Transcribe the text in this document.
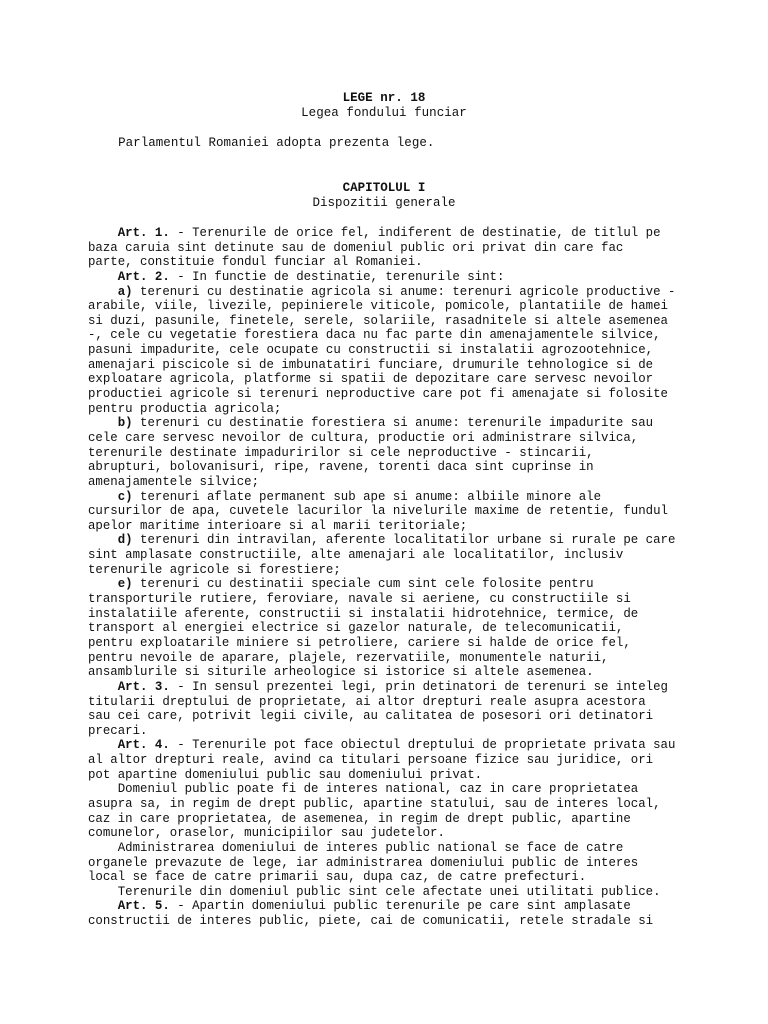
LEGE nr. 18
Legea fondului funciar
Parlamentul Romaniei adopta prezenta lege.
CAPITOLUL I
Dispozitii generale
Art. 1. - Terenurile de orice fel, indiferent de destinatie, de titlul pe
baza caruia sint detinute sau de domeniul public ori privat din care fac
parte, constituie fondul funciar al Romaniei.
Art. 2. - In functie de destinatie, terenurile sint:
a) terenuri cu destinatie agricola si anume: terenuri agricole productive -
arabile, viile, livezile, pepinierele viticole, pomicole, plantatiile de hamei
si duzi, pasunile, finetele, serele, solariile, rasadnitele si altele asemenea
-, cele cu vegetatie forestiera daca nu fac parte din amenajamentele silvice,
pasuni impadurite, cele ocupate cu constructii si instalatii agrozootehnice,
amenajari piscicole si de imbunatatiri funciare, drumurile tehnologice si de
exploatare agricola, platforme si spatii de depozitare care servesc nevoilor
productiei agricole si terenuri neproductive care pot fi amenajate si folosite
pentru productia agricola;
b) terenuri cu destinatie forestiera si anume: terenurile impadurite sau
cele care servesc nevoilor de cultura, productie ori administrare silvica,
terenurile destinate impaduririlor si cele neproductive - stincarii,
abrupturi, bolovanisuri, ripe, ravene, torenti daca sint cuprinse in
amenajamentele silvice;
c) terenuri aflate permanent sub ape si anume: albiile minore ale
cursurilor de apa, cuvetele lacurilor la nivelurile maxime de retentie, fundul
apelor maritime interioare si al marii teritoriale;
d) terenuri din intravilan, aferente localitatilor urbane si rurale pe care
sint amplasate constructiile, alte amenajari ale localitatilor, inclusiv
terenurile agricole si forestiere;
e) terenuri cu destinatii speciale cum sint cele folosite pentru
transporturile rutiere, feroviare, navale si aeriene, cu constructiile si
instalatiile aferente, constructii si instalatii hidrotehnice, termice, de
transport al energiei electrice si gazelor naturale, de telecomunicatii,
pentru exploatarile miniere si petroliere, cariere si halde de orice fel,
pentru nevoile de aparare, plajele, rezervatiile, monumentele naturii,
ansamblurile si siturile arheologice si istorice si altele asemenea.
Art. 3. - In sensul prezentei legi, prin detinatori de terenuri se inteleg
titularii dreptului de proprietate, ai altor drepturi reale asupra acestora
sau cei care, potrivit legii civile, au calitatea de posesori ori detinatori
precari.
Art. 4. - Terenurile pot face obiectul dreptului de proprietate privata sau
al altor drepturi reale, avind ca titulari persoane fizice sau juridice, ori
pot apartine domeniului public sau domeniului privat.
Domeniul public poate fi de interes national, caz in care proprietatea
asupra sa, in regim de drept public, apartine statului, sau de interes local,
caz in care proprietatea, de asemenea, in regim de drept public, apartine
comunelor, oraselor, municipiilor sau judetelor.
Administrarea domeniului de interes public national se face de catre
organele prevazute de lege, iar administrarea domeniului public de interes
local se face de catre primarii sau, dupa caz, de catre prefecturi.
Terenurile din domeniul public sint cele afectate unei utilitati publice.
Art. 5. - Apartin domeniului public terenurile pe care sint amplasate
constructii de interes public, piete, cai de comunicatii, retele stradale si
